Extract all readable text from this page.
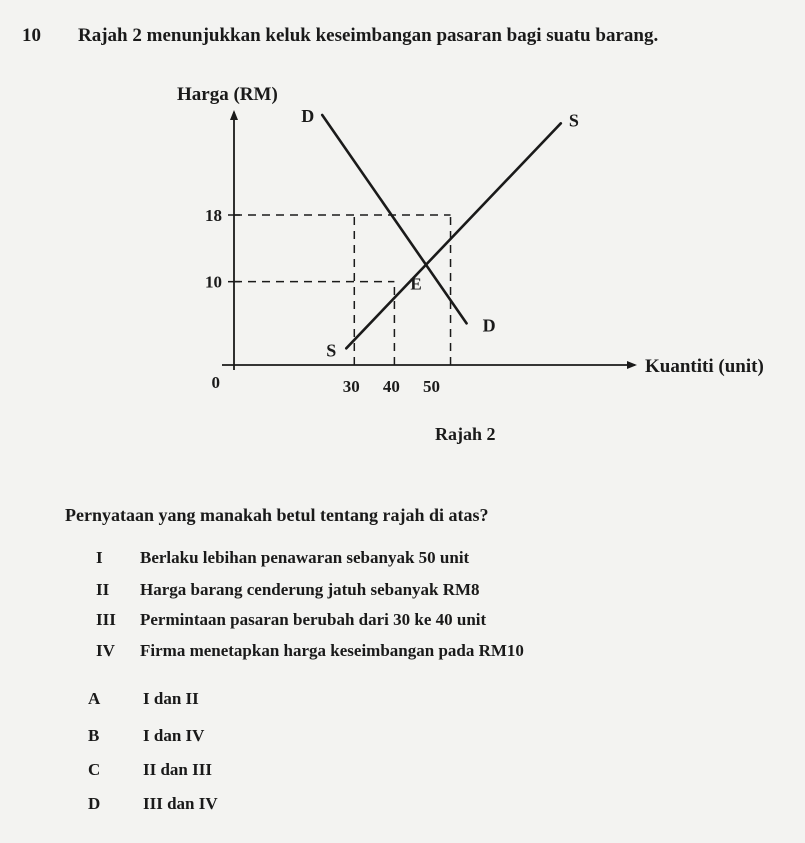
10 Rajah 2 menunjukkan keluk keseimbangan pasaran bagi suatu barang.
18
10
30 40 50
0
Harga (RM)
Kuantiti (unit)
D
D
S
S
E
Rajah 2
Pernyataan yang manakah betul tentang rajah di atas?
I Berlaku lebihan penawaran sebanyak 50 unit
II Harga barang cenderung jatuh sebanyak RM8
III Permintaan pasaran berubah dari 30 ke 40 unit
IV Firma menetapkan harga keseimbangan pada RM10
A	I dan II
B	I dan IV
C	II dan III
D	III dan IV
